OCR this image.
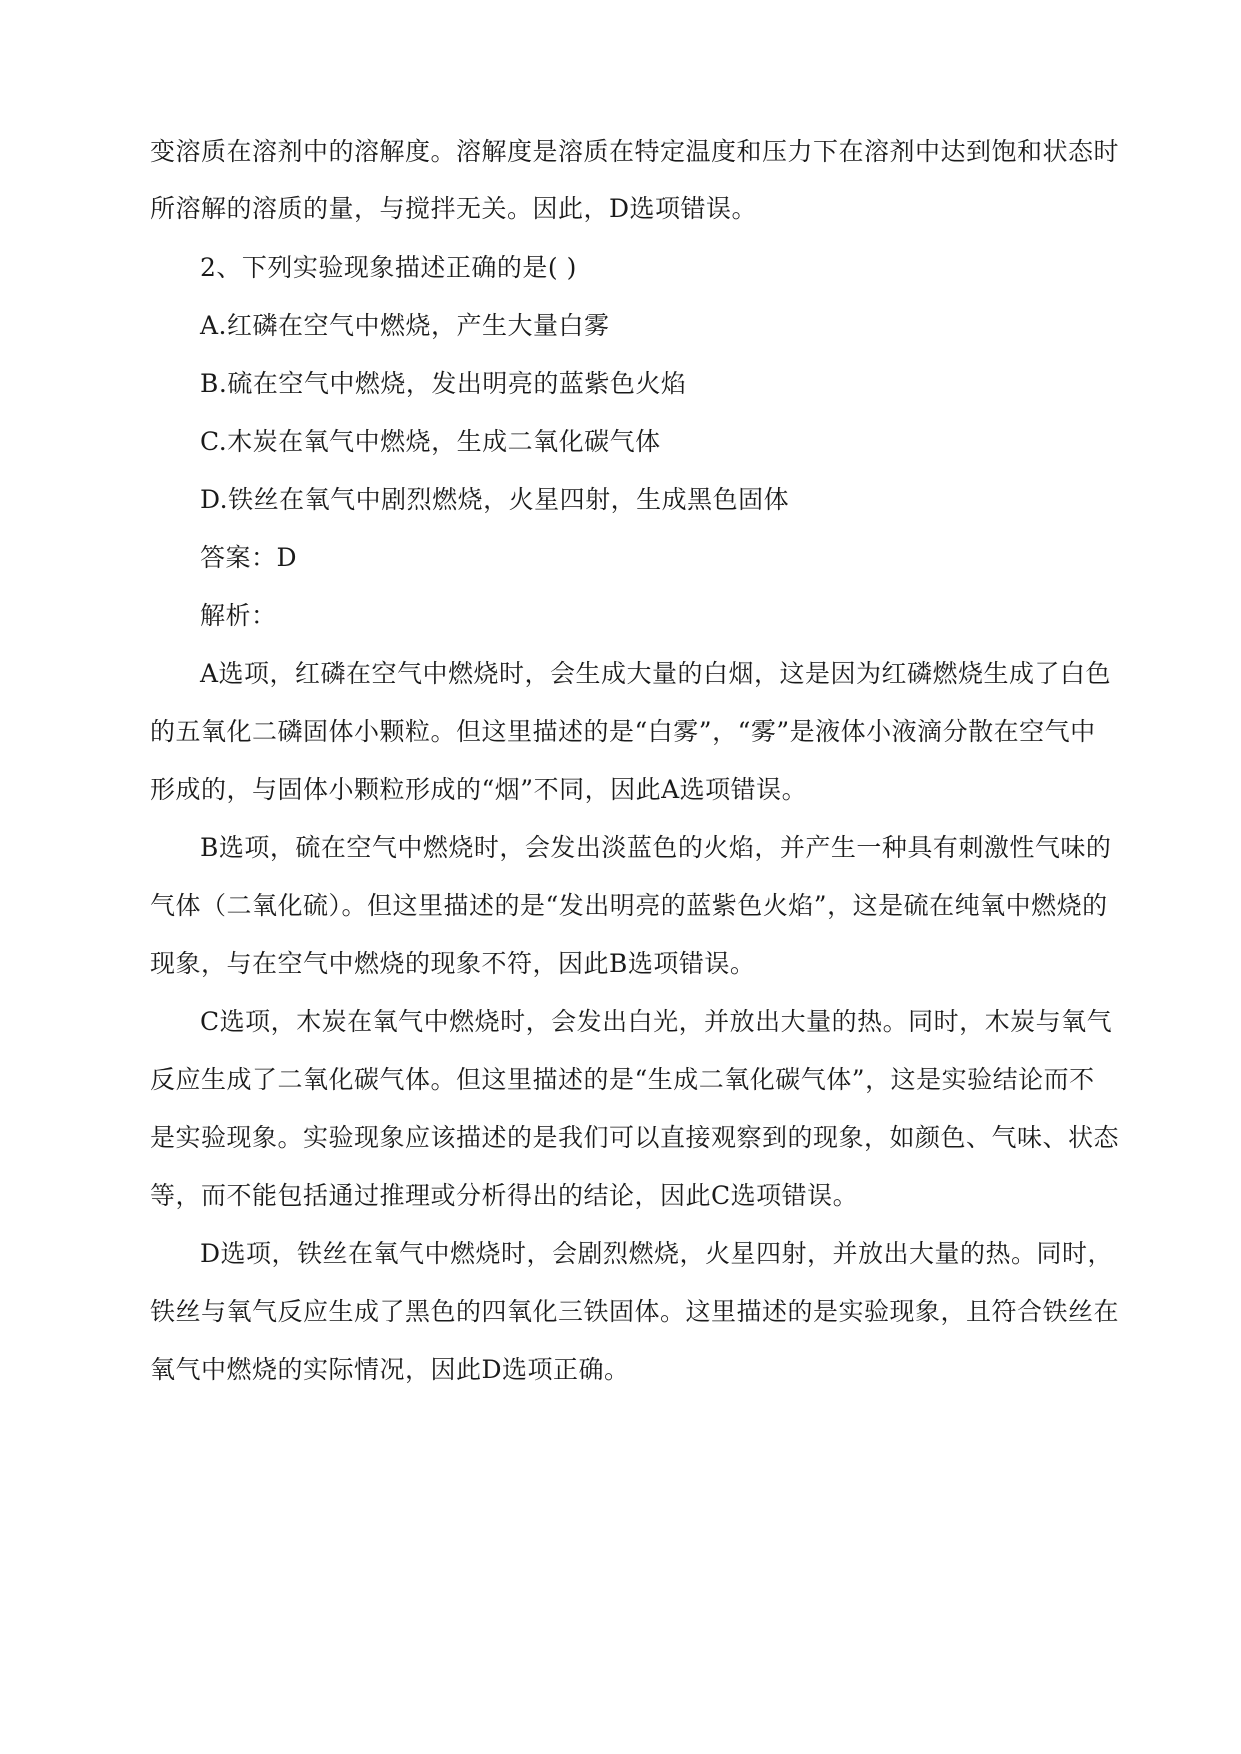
变溶质在溶剂中的溶解度。溶解度是溶质在特定温度和压力下在溶剂中达到饱和状态时
所溶解的溶质的量，与搅拌无关。因此，D选项错误。
2、下列实验现象描述正确的是( )
A.红磷在空气中燃烧，产生大量白雾
B.硫在空气中燃烧，发出明亮的蓝紫色火焰
C.木炭在氧气中燃烧，生成二氧化碳气体
D.铁丝在氧气中剧烈燃烧，火星四射，生成黑色固体
答案：D
解析：
A选项，红磷在空气中燃烧时，会生成大量的白烟，这是因为红磷燃烧生成了白色
的五氧化二磷固体小颗粒。但这里描述的是“白雾”，“雾”是液体小液滴分散在空气中
形成的，与固体小颗粒形成的“烟”不同，因此A选项错误。
B选项，硫在空气中燃烧时，会发出淡蓝色的火焰，并产生一种具有刺激性气味的
气体（二氧化硫）。但这里描述的是“发出明亮的蓝紫色火焰”，这是硫在纯氧中燃烧的
现象，与在空气中燃烧的现象不符，因此B选项错误。
C选项，木炭在氧气中燃烧时，会发出白光，并放出大量的热。同时，木炭与氧气
反应生成了二氧化碳气体。但这里描述的是“生成二氧化碳气体”，这是实验结论而不
是实验现象。实验现象应该描述的是我们可以直接观察到的现象，如颜色、气味、状态
等，而不能包括通过推理或分析得出的结论，因此C选项错误。
D选项，铁丝在氧气中燃烧时，会剧烈燃烧，火星四射，并放出大量的热。同时，
铁丝与氧气反应生成了黑色的四氧化三铁固体。这里描述的是实验现象，且符合铁丝在
氧气中燃烧的实际情况，因此D选项正确。
